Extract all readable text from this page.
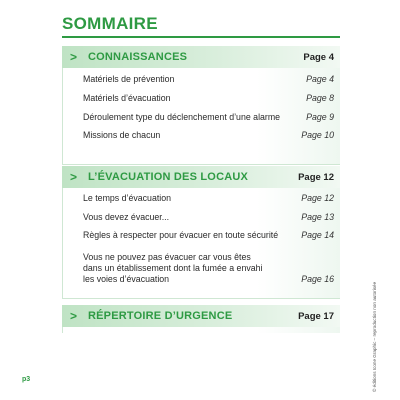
SOMMAIRE
> CONNAISSANCES	Page 4
Matériels de prévention	Page 4
Matériels d’évacuation	Page 8
Déroulement type du déclenchement d’une alarme	Page 9
Missions de chacun	Page 10
> L’ÉVACUATION DES LOCAUX	Page 12
Le temps d’évacuation	Page 12
Vous devez évacuer...	Page 13
Règles à respecter pour évacuer en toute sécurité	Page 14
Vous ne pouvez pas évacuer car vous êtes dans un établissement dont la fumée a envahi les voies d’évacuation	Page 16
> RÉPERTOIRE D’URGENCE	Page 17	© éditions Icone Graphic – reproduction non autorisée
p3
